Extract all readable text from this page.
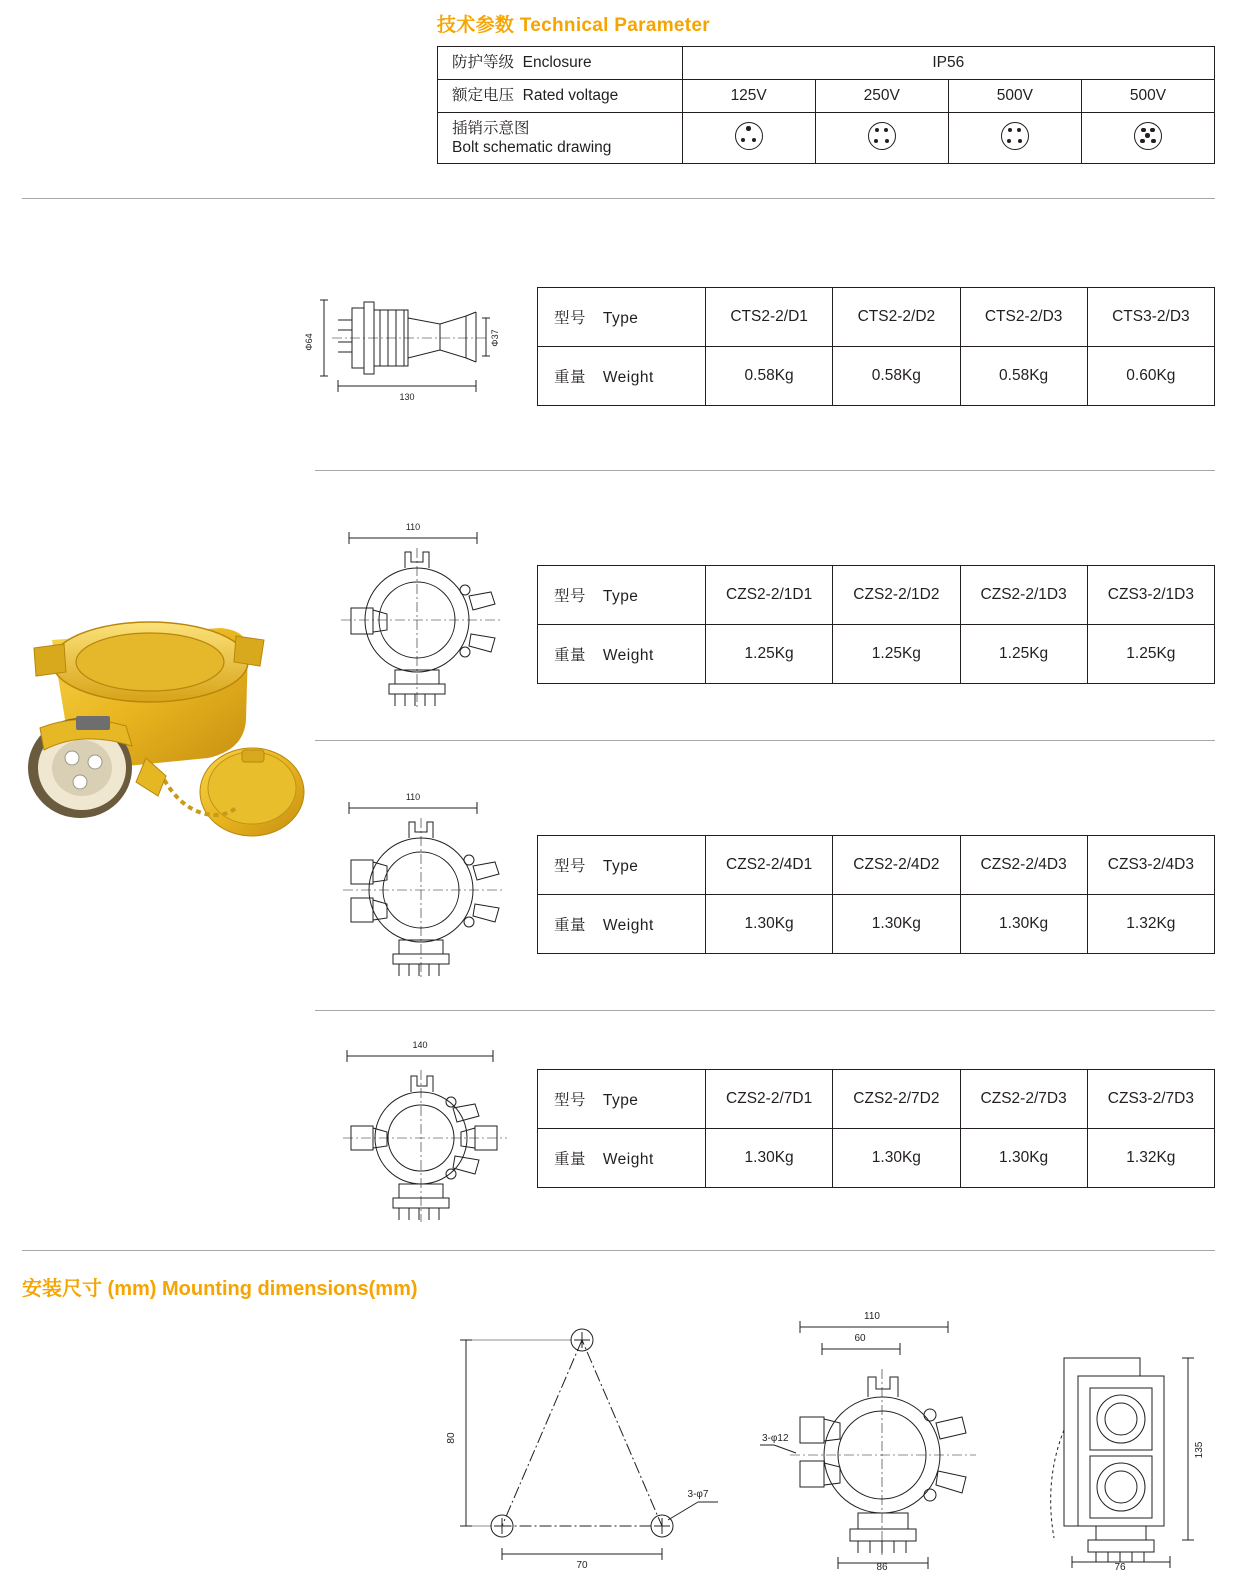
技术参数 Technical Parameter
防护等级 Enclosure	IP56			
额定电压 Rated voltage	125V	250V	500V	500V
插销示意图
Bolt schematic drawing	

Φ64	Φ37
130
型号 Type	CTS2-2/D1	CTS2-2/D2	CTS2-2/D3	CTS3-2/D3
重量 Weight	0.58Kg	0.58Kg	0.58Kg	0.60Kg
110
型号 Type	CZS2-2/1D1	CZS2-2/1D2	CZS2-2/1D3	CZS3-2/1D3
重量 Weight	1.25Kg	1.25Kg	1.25Kg	1.25Kg
110
型号 Type	CZS2-2/4D1	CZS2-2/4D2	CZS2-2/4D3	CZS3-2/4D3
重量 Weight	1.30Kg	1.30Kg	1.30Kg	1.32Kg
140
型号 Type	CZS2-2/7D1	CZS2-2/7D2	CZS2-2/7D3	CZS3-2/7D3
重量 Weight	1.30Kg	1.30Kg	1.30Kg	1.32Kg
安装尺寸 (mm) Mounting dimensions(mm)
80
70
3-φ7
110
60
3-φ12
86
135
76
